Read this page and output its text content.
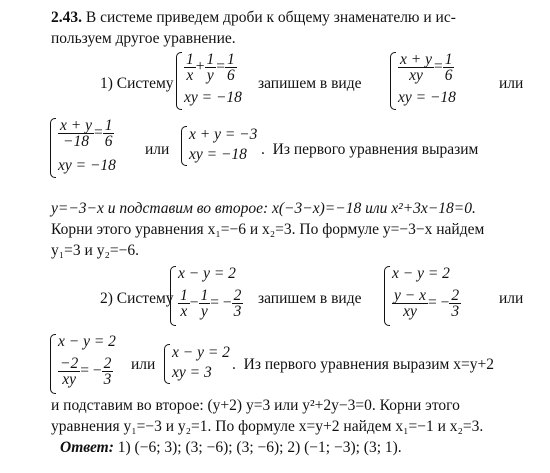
2.43. В системе приведем дроби к общему знаменателю и ис-
пользуем другое уравнение.
1) Систему
$\frac{1}{x} + \frac{1}{y} = \frac{1}{6}$
xy = −18
запишем в виде
$\frac{x + y}{xy} = \frac{1}{6}$
xy = −18
или
$\frac{x + y}{-18} = \frac{1}{6}$
xy = −18
или
x + y = −3
xy = −18 .  Из первого уравнения выразим
y=−3−x и подставим во второе: x(−3−x)=−18 или x²+3x−18=0.
Корни этого уравнения x₁=−6 и x₂=3. По формуле y=−3−x найдем
y₁=3 и y₂=−6.
2) Систему
x − y = 2
$\frac{1}{x} - \frac{1}{y}$ = − $\frac{2}{3}$ запишем в виде
x − y = 2
$\frac{y - x}{xy}$ = − $\frac{2}{3}$ или
x − y = 2
$\frac{-2}{xy}$ = − $\frac{2}{3}$ или
x − y = 2
xy = 3	.  Из первого уравнения выразим x=y+2
и подставим во второе: (y+2) y=3 или y²+2y−3=0. Корни этого
уравнения y₁=−3 и y₂=1. По формуле x=y+2 найдем x₁=−1 и x₂=3.
Ответ: 1) (−6; 3); (3; −6); (3; −6); 2) (−1; −3); (3; 1).
